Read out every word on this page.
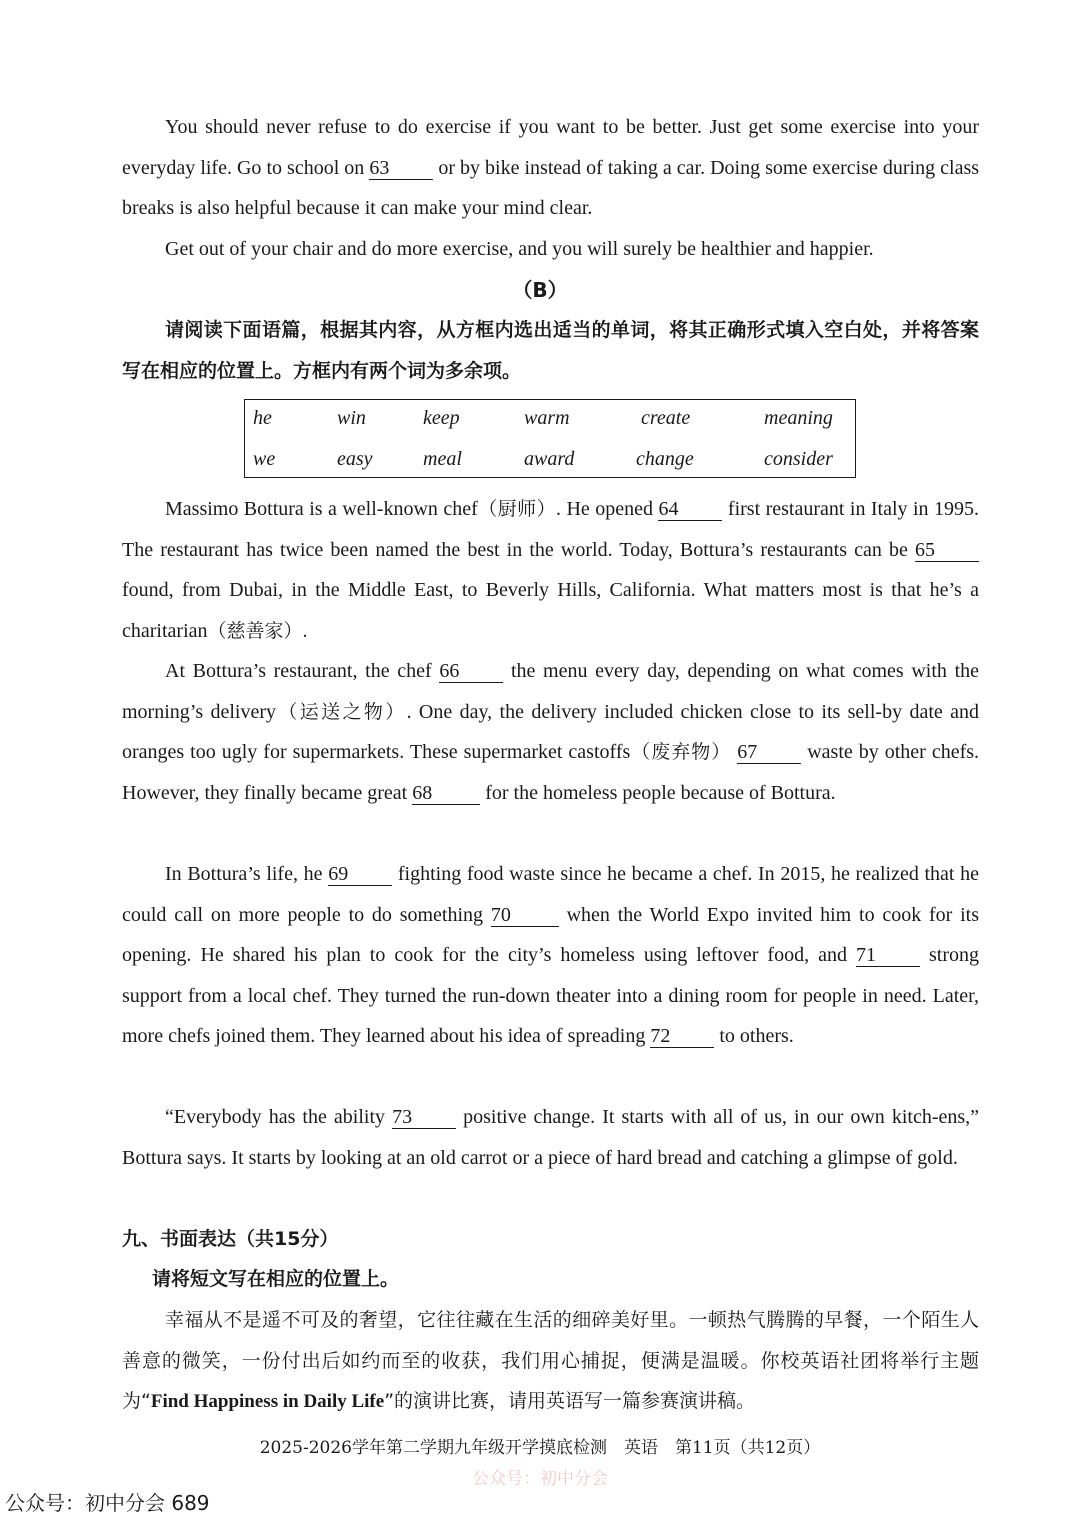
You should never refuse to do exercise if you want to be better. Just get some exercise into your everyday life. Go to school on 63 or by bike instead of taking a car. Doing some exercise during class breaks is also helpful because it can make your mind clear.

Get out of your chair and do more exercise, and you will surely be healthier and happier.

（B）

请阅读下面语篇，根据其内容，从方框内选出适当的单词，将其正确形式填入空白处，并将答案写在相应的位置上。方框内有两个词为多余项。

he	win	keep	warm	create	meaning
we	easy	meal	award	change	consider

Massimo Bottura is a well-known chef（厨师）. He opened 64 first restaurant in Italy in 1995. The restaurant has twice been named the best in the world. Today, Bottura’s restaurants can be 65 found, from Dubai, in the Middle East, to Beverly Hills, California. What matters most is that he’s a charitarian（慈善家）.

At Bottura’s restaurant, the chef 66	the menu every day, depending on what comes with the morning’s delivery（运送之物）. One day, the delivery included chicken close to its sell-by date and oranges too ugly for supermarkets. These supermarket castoffs（废弃物） 67	waste by other chefs. However, they finally became great 68	for the homeless people because of Bottura.

In Bottura’s life, he 69 fighting food waste since he became a chef. In 2015, he realized that he could call on more people to do something 70	when the World Expo invited him to cook for its opening. He shared his plan to cook for the city’s homeless using leftover food, and 71	strong support from a local chef. They turned the run-down theater into a dining room for people in need. Later, more chefs joined them. They learned about his idea of spreading 72 to others.

“Everybody has the ability 73	positive change. It starts with all of us, in our own kitch-ens,” Bottura says. It starts by looking at an old carrot or a piece of hard bread and catching a glimpse of gold.

九、书面表达（共15分）
请将短文写在相应的位置上。

幸福从不是遥不可及的奢望，它往往藏在生活的细碎美好里。一顿热气腾腾的早餐，一个陌生人善意的微笑，一份付出后如约而至的收获，我们用心捕捉，便满是温暖。你校英语社团将举行主题为“Find Happiness in Daily Life”的演讲比赛，请用英语写一篇参赛演讲稿。

2025-2026学年第二学期九年级开学摸底检测　英语　第11页（共12页）
公众号：初中分会
公众号：初中分会 689
